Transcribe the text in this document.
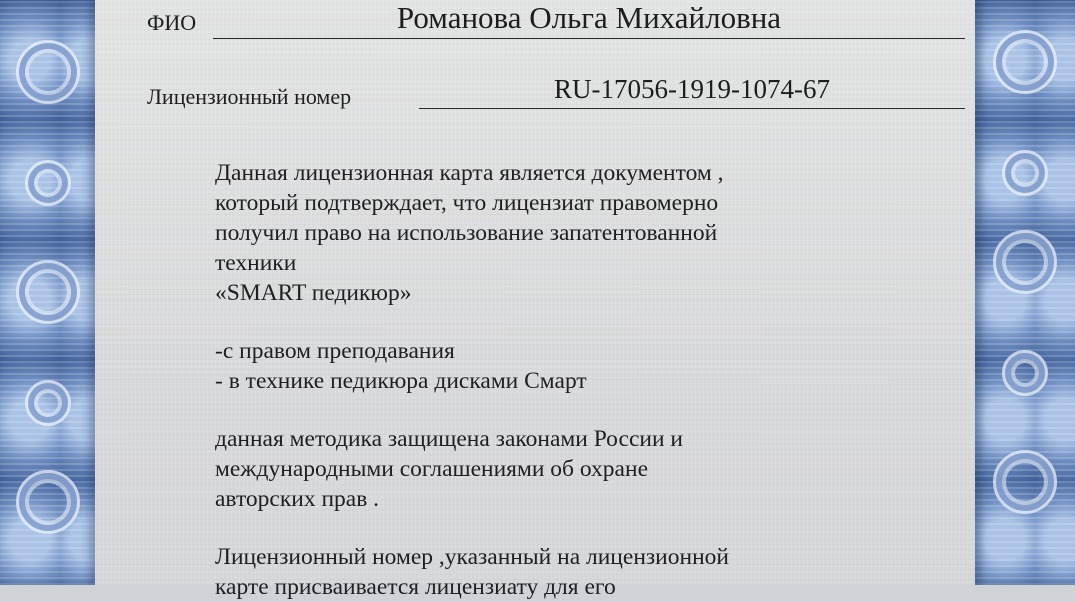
ФИО	Романова Ольга Михайловна
Лицензионный номер	RU-17056-1919-1074-67

Данная лицензионная карта является документом ,

который подтверждает, что лицензиат правомерно

получил право на использование запатентованной

техники

«SMART педикюр»

-с правом преподавания

- в технике педикюра дисками Смарт

данная методика защищена законами России и

международными соглашениями об охране

авторских прав .

Лицензионный номер ,указанный на лицензионной

карте присваивается лицензиату для его
